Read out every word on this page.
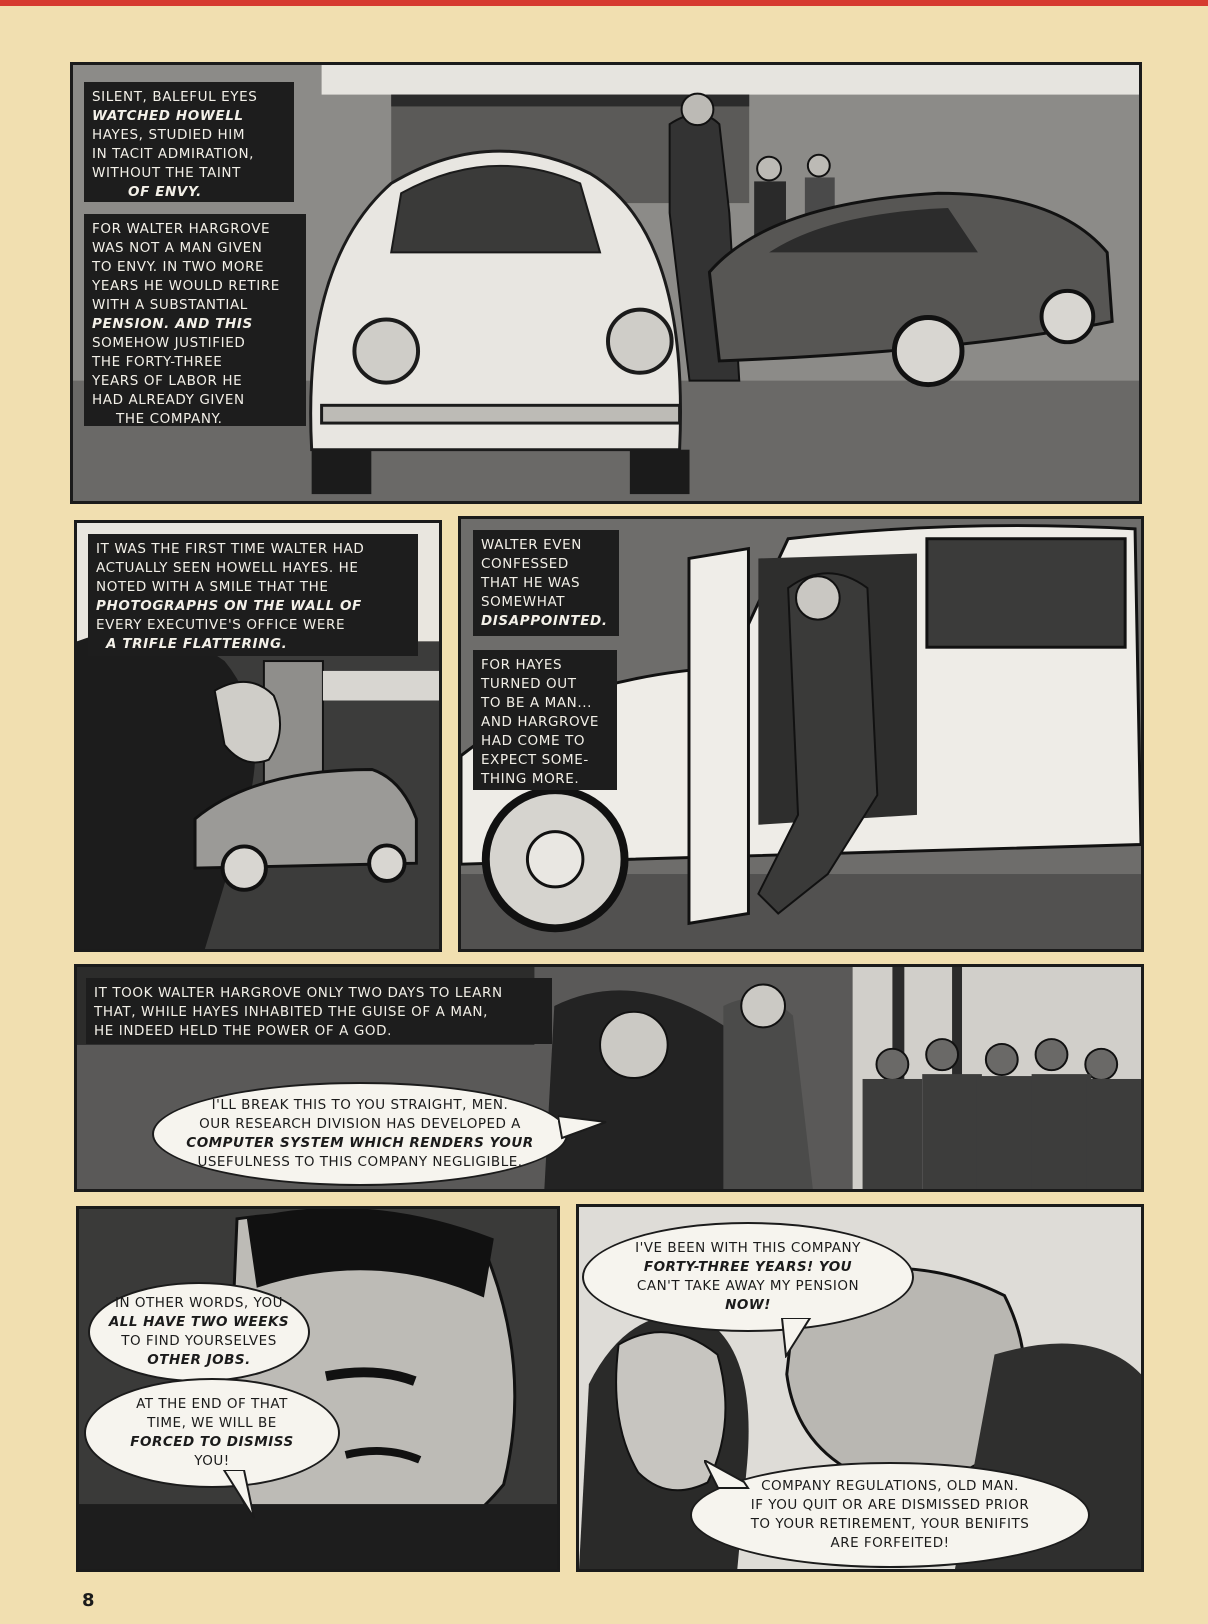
SILENT, BALEFUL EYES
WATCHED HOWELL
HAYES, STUDIED HIM
IN TACIT ADMIRATION,
WITHOUT THE TAINT
OF ENVY.
FOR WALTER HARGROVE
WAS NOT A MAN GIVEN
TO ENVY. IN TWO MORE
YEARS HE WOULD RETIRE
WITH A SUBSTANTIAL
PENSION. AND THIS
SOMEHOW JUSTIFIED
THE FORTY-THREE
YEARS OF LABOR HE
HAD ALREADY GIVEN
THE COMPANY.
IT WAS THE FIRST TIME WALTER HAD
ACTUALLY SEEN HOWELL HAYES. HE
NOTED WITH A SMILE THAT THE
PHOTOGRAPHS ON THE WALL OF
EVERY EXECUTIVE'S OFFICE WERE
A TRIFLE FLATTERING.
WALTER EVEN
CONFESSED
THAT HE WAS
SOMEWHAT
DISAPPOINTED.
FOR HAYES
TURNED OUT
TO BE A MAN...
AND HARGROVE
HAD COME TO
EXPECT SOME-
THING MORE.
IT TOOK WALTER HARGROVE ONLY TWO DAYS TO LEARN
THAT, WHILE HAYES INHABITED THE GUISE OF A MAN,
HE INDEED HELD THE POWER OF A GOD.
I'LL BREAK THIS TO YOU STRAIGHT, MEN.
OUR RESEARCH DIVISION HAS DEVELOPED A
COMPUTER SYSTEM WHICH RENDERS YOUR
USEFULNESS TO THIS COMPANY NEGLIGIBLE.
IN OTHER WORDS, YOU
ALL HAVE TWO WEEKS
TO FIND YOURSELVES
OTHER JOBS.
AT THE END OF THAT
TIME, WE WILL BE
FORCED TO DISMISS
YOU!
I'VE BEEN WITH THIS COMPANY
FORTY-THREE YEARS! YOU
CAN'T TAKE AWAY MY PENSION
NOW!
COMPANY REGULATIONS, OLD MAN.
IF YOU QUIT OR ARE DISMISSED PRIOR
TO YOUR RETIREMENT, YOUR BENIFITS
ARE FORFEITED!
8
